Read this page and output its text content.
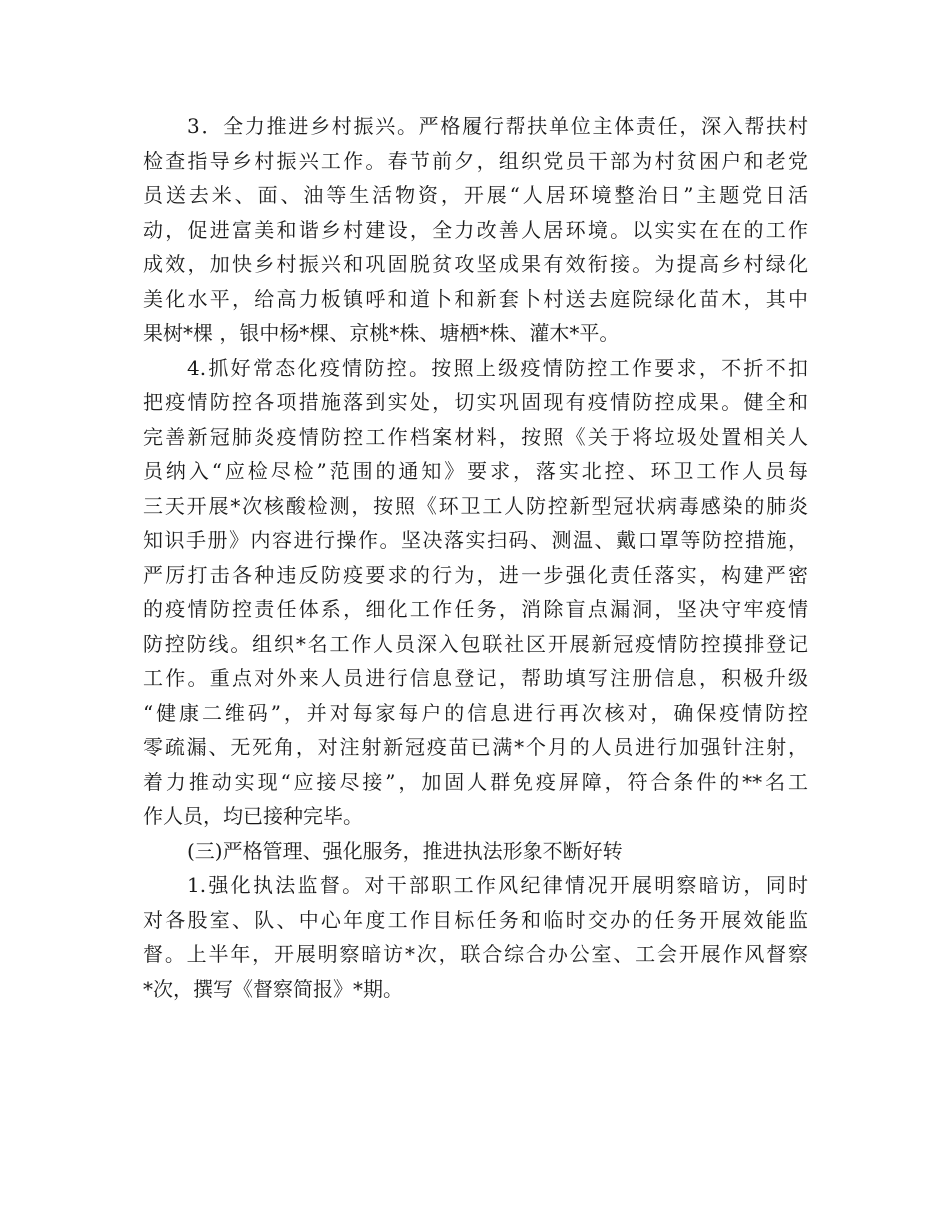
3．全力推进乡村振兴。严格履行帮扶单位主体责任，深入帮扶村
检查指导乡村振兴工作。春节前夕，组织党员干部为村贫困户和老党
员送去米、面、油等生活物资，开展“人居环境整治日”主题党日活
动，促进富美和谐乡村建设，全力改善人居环境。以实实在在的工作
成效，加快乡村振兴和巩固脱贫攻坚成果有效衔接。为提高乡村绿化
美化水平，给高力板镇呼和道卜和新套卜村送去庭院绿化苗木，其中
果树*棵 ，银中杨*棵、京桃*株、塘栖*株、灌木*平。
4.抓好常态化疫情防控。按照上级疫情防控工作要求，不折不扣
把疫情防控各项措施落到实处，切实巩固现有疫情防控成果。健全和
完善新冠肺炎疫情防控工作档案材料，按照《关于将垃圾处置相关人
员纳入“应检尽检”范围的通知》要求，落实北控、环卫工作人员每
三天开展*次核酸检测，按照《环卫工人防控新型冠状病毒感染的肺炎
知识手册》内容进行操作。坚决落实扫码、测温、戴口罩等防控措施，
严厉打击各种违反防疫要求的行为，进一步强化责任落实，构建严密
的疫情防控责任体系，细化工作任务，消除盲点漏洞，坚决守牢疫情
防控防线。组织*名工作人员深入包联社区开展新冠疫情防控摸排登记
工作。重点对外来人员进行信息登记，帮助填写注册信息，积极升级
“健康二维码”，并对每家每户的信息进行再次核对，确保疫情防控
零疏漏、无死角，对注射新冠疫苗已满*个月的人员进行加强针注射，
着力推动实现“应接尽接”，加固人群免疫屏障，符合条件的**名工
作人员，均已接种完毕。
(三)严格管理、强化服务，推进执法形象不断好转
1.强化执法监督。对干部职工作风纪律情况开展明察暗访，同时
对各股室、队、中心年度工作目标任务和临时交办的任务开展效能监
督。上半年，开展明察暗访*次，联合综合办公室、工会开展作风督察
*次，撰写《督察简报》*期。
